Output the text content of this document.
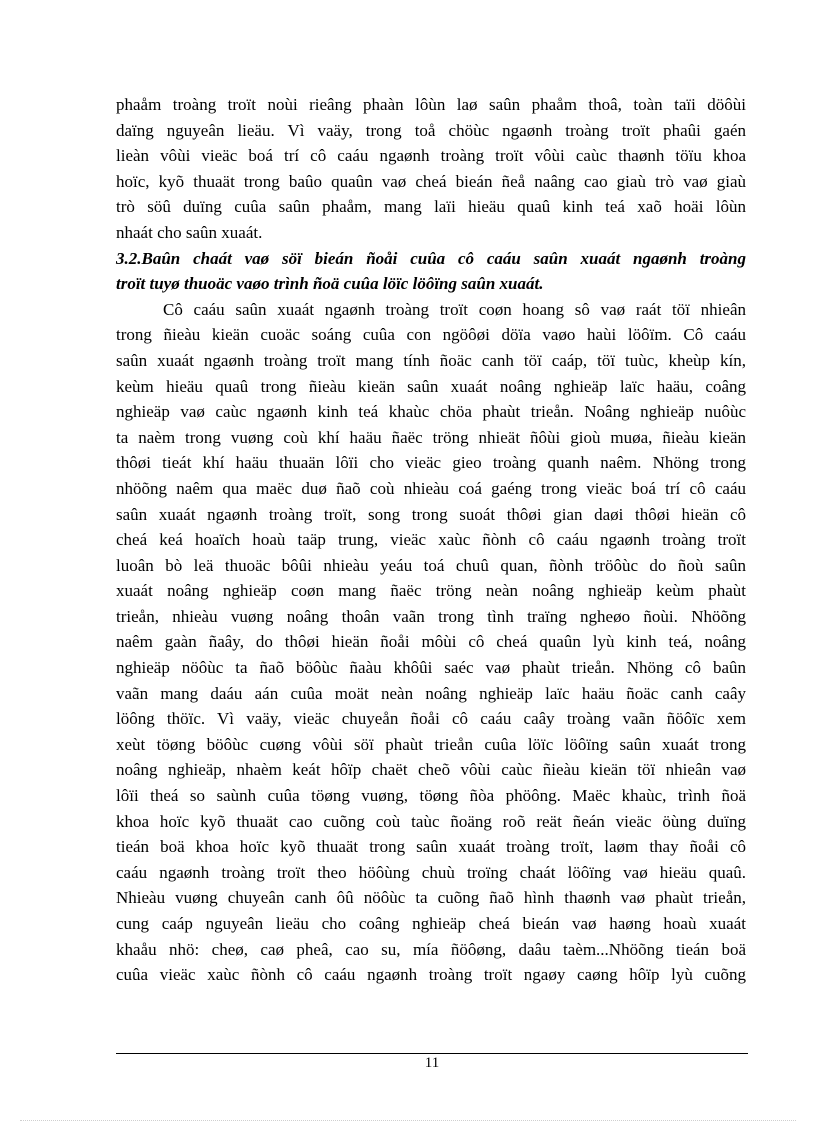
phaåm troàng troït noùi rieâng phaàn lôùn laø saûn phaåm thoâ, toàn taïi döôùi
daïng nguyeân lieäu. Vì vaäy, trong toå chöùc ngaønh troàng troït phaûi gaén
lieàn vôùi vieäc boá trí cô caáu ngaønh troàng troït vôùi caùc thaønh töïu khoa
hoïc, kyõ thuaät trong baûo quaûn vaø cheá bieán ñeå naâng cao giaù trò vaø giaù
trò söû duïng cuûa saûn phaåm, mang laïi hieäu quaû kinh teá xaõ hoäi lôùn
nhaát cho saûn xuaát.
3.2.Baûn chaát vaø söï bieán ñoåi cuûa cô caáu saûn xuaát ngaønh troàng
troït tuyø thuoäc vaøo trình ñoä cuûa löïc löôïng saûn xuaát.
Cô caáu saûn xuaát ngaønh troàng troït coøn hoang sô vaø raát töï nhieân
trong ñieàu kieän cuoäc soáng cuûa con ngöôøi döïa vaøo haùi löôïm. Cô caáu
saûn xuaát ngaønh troàng troït mang tính ñoäc canh töï caáp, töï tuùc, kheùp kín,
keùm hieäu quaû trong ñieàu kieän saûn xuaát noâng nghieäp laïc haäu, coâng
nghieäp vaø caùc ngaønh kinh teá khaùc chöa phaùt trieån. Noâng nghieäp nuôùc
ta naèm trong vuøng coù khí haäu ñaëc tröng nhieät ñôùi gioù muøa, ñieàu kieän
thôøi tieát khí haäu thuaän lôïi cho vieäc gieo troàng quanh naêm. Nhöng trong
nhöõng naêm qua maëc duø ñaõ coù nhieàu coá gaéng trong vieäc boá trí cô caáu
saûn xuaát ngaønh troàng troït, song trong suoát thôøi gian daøi thôøi hieän cô
cheá keá hoaïch hoaù taäp trung, vieäc xaùc ñònh cô caáu ngaønh troàng troït
luoân bò leä thuoäc bôûi nhieàu yeáu toá chuû quan, ñònh tröôùc do ñoù saûn
xuaát noâng nghieäp coøn mang ñaëc tröng neàn noâng nghieäp keùm phaùt
trieån, nhieàu vuøng noâng thoân vaãn trong tình traïng ngheøo ñoùi. Nhöõng
naêm gaàn ñaây, do thôøi hieän ñoåi môùi cô cheá quaûn lyù kinh teá, noâng
nghieäp nöôùc ta ñaõ böôùc ñaàu khôûi saéc vaø phaùt trieån. Nhöng cô baûn
vaãn mang daáu aán cuûa moät neàn noâng nghieäp laïc haäu ñoäc canh caây
löông thöïc. Vì vaäy, vieäc chuyeån ñoåi cô caáu caây troàng vaãn ñöôïc xem
xeùt töøng böôùc cuøng vôùi söï phaùt trieån cuûa löïc löôïng saûn xuaát trong
noâng nghieäp, nhaèm keát hôïp chaët cheõ vôùi caùc ñieàu kieän töï nhieân vaø
lôïi theá so saùnh cuûa töøng vuøng, töøng ñòa phöông. Maëc khaùc, trình ñoä
khoa hoïc kyõ thuaät cao cuõng coù taùc ñoäng roõ reät ñeán vieäc öùng duïng
tieán boä khoa hoïc kyõ thuaät trong saûn xuaát troàng troït, laøm thay ñoåi cô
caáu ngaønh troàng troït theo höôùng chuù troïng chaát löôïng vaø hieäu quaû.
Nhieàu vuøng chuyeân canh ôû nöôùc ta cuõng ñaõ hình thaønh vaø phaùt trieån,
cung caáp nguyeân lieäu cho coâng nghieäp cheá bieán vaø haøng hoaù xuaát
khaåu nhö: cheø, caø pheâ, cao su, mía ñöôøng, daâu taèm...Nhöõng tieán boä
cuûa vieäc xaùc ñònh cô caáu ngaønh troàng troït ngaøy caøng hôïp lyù cuõng
11
